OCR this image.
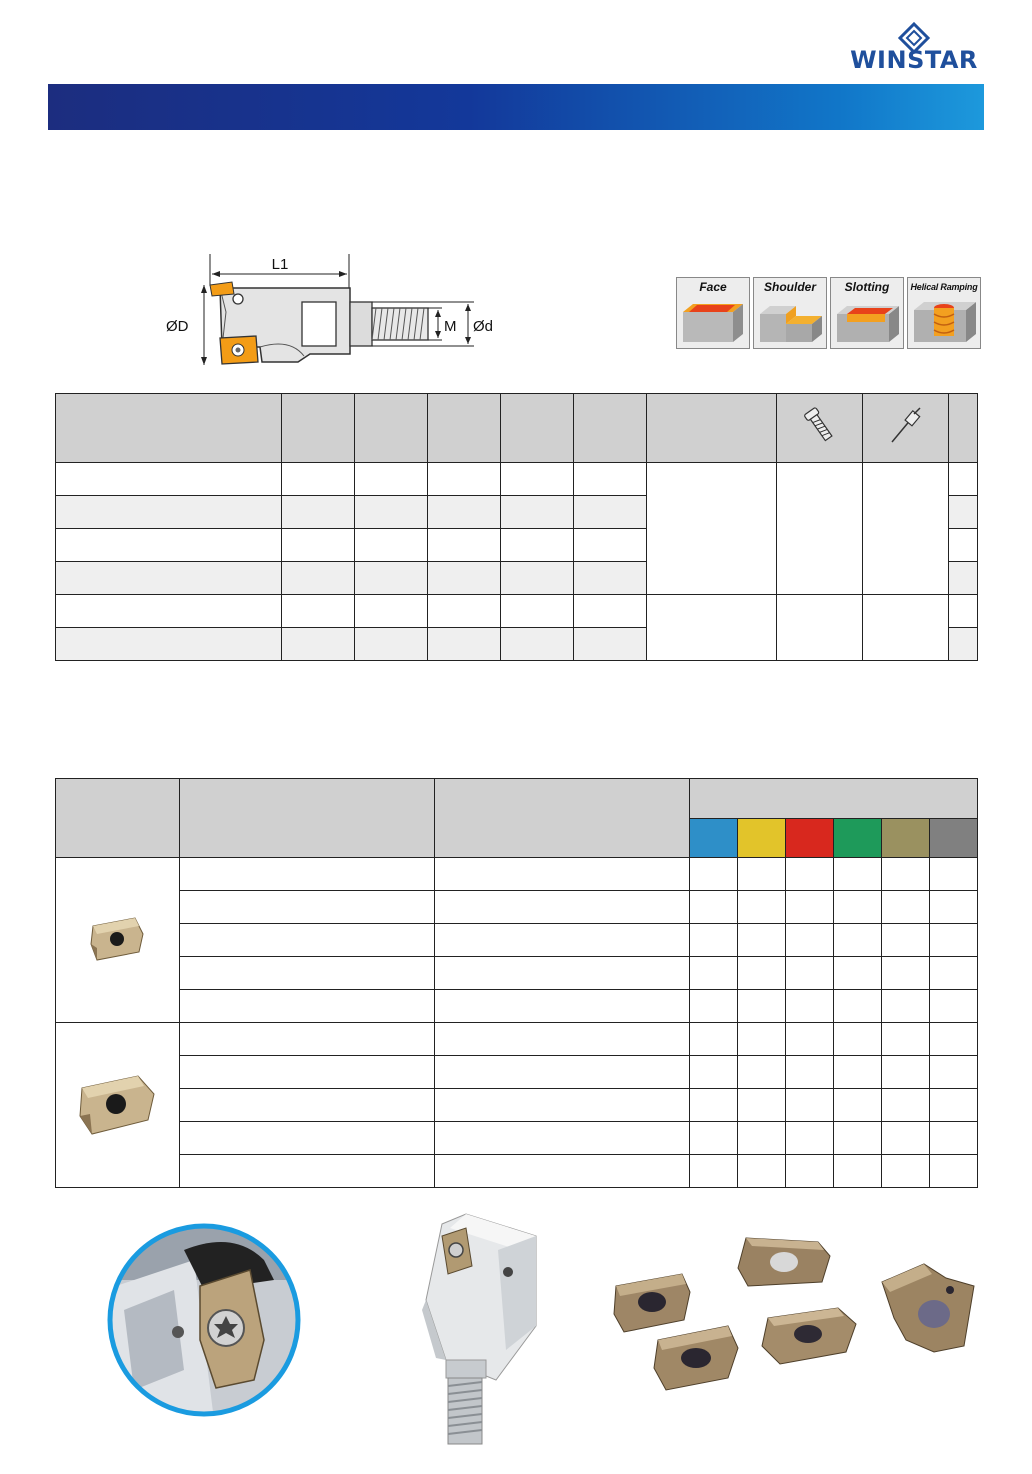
WINSTAR
L1
ØD	M Ød
Face	Shoulder	Slotting	Helical Ramping
